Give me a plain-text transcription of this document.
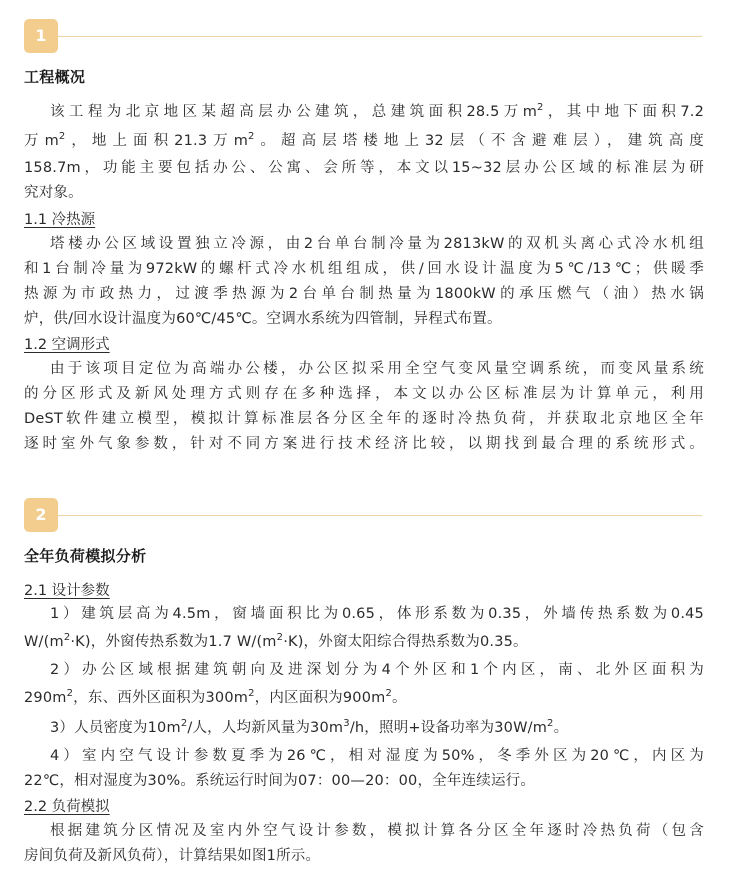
1
工程概况
该工程为北京地区某超高层办公建筑，总建筑面积28.5万$m^2$，其中地下面积7.2
万$m^2$，地上面积21.3万$m^2$。超高层塔楼地上32层（不含避难层），建筑高度
158.7m，功能主要包括办公、公寓、会所等，本文以15~32层办公区域的标准层为研
究对象。
1.1 冷热源
塔楼办公区域设置独立冷源，由2台单台制冷量为2813kW的双机头离心式冷水机组
和1台制冷量为972kW的螺杆式冷水机组组成，供/回水设计温度为5℃/13℃；供暖季
热源为市政热力，过渡季热源为2台单台制热量为1800kW的承压燃气（油）热水锅
炉，供/回水设计温度为60℃/45℃。空调水系统为四管制，异程式布置。
1.2 空调形式
由于该项目定位为高端办公楼，办公区拟采用全空气变风量空调系统，而变风量系统
的分区形式及新风处理方式则存在多种选择，本文以办公区标准层为计算单元，利用
DeST软件建立模型，模拟计算标准层各分区全年的逐时冷热负荷，并获取北京地区全年
逐时室外气象参数，针对不同方案进行技术经济比较，以期找到最合理的系统形式。
2
全年负荷模拟分析
2.1 设计参数
1）建筑层高为4.5m，窗墙面积比为0.65，体形系数为0.35，外墙传热系数为0.45
$W/(m^2\cdot K)$，外窗传热系数为1.7 $W/(m^2\cdot K)$，外窗太阳综合得热系数为0.35。
2）办公区域根据建筑朝向及进深划分为4个外区和1个内区，南、北外区面积为
$290m^2$，东、西外区面积为$300m^2$，内区面积为$900m^2$。
3）人员密度为$10m^2/$人，人均新风量为$30m^3/h$，照明+设备功率为$30W/m^2$。
4）室内空气设计参数夏季为26℃，相对湿度为50%，冬季外区为20℃，内区为
22℃，相对湿度为30%。系统运行时间为07：00—20：00，全年连续运行。
2.2 负荷模拟
根据建筑分区情况及室内外空气设计参数，模拟计算各分区全年逐时冷热负荷（包含
房间负荷及新风负荷），计算结果如图1所示。
